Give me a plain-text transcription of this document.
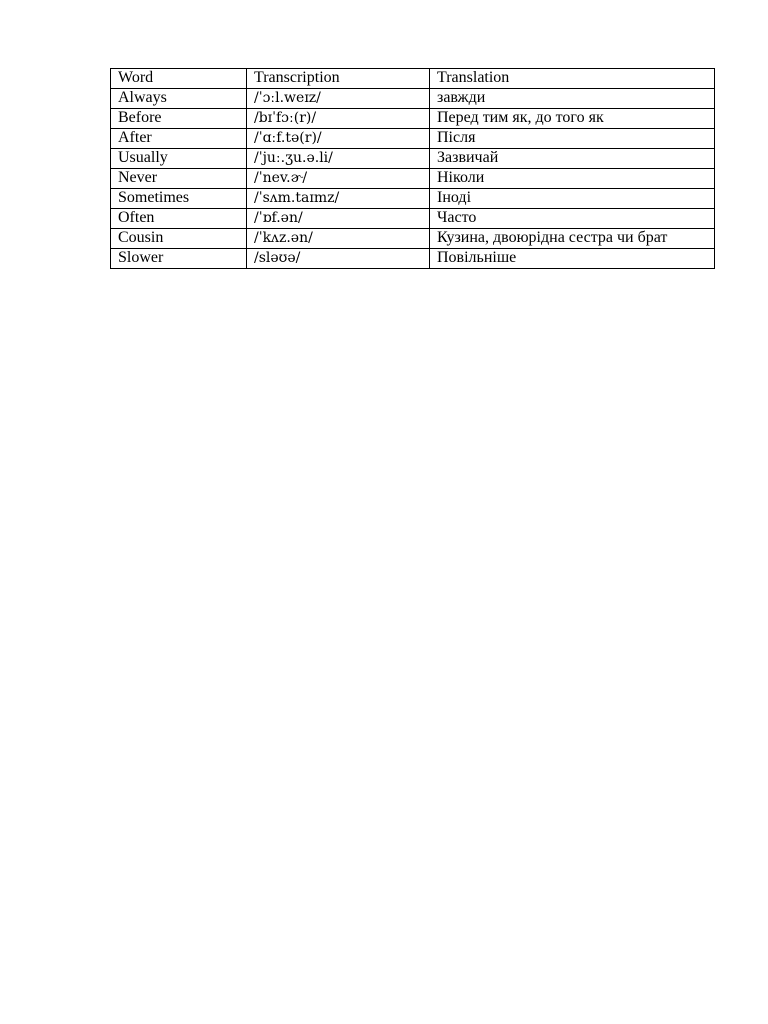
Word	Transcription	Translation
Always	/ˈɔːl.weɪz/	завжди
Before	/bɪˈfɔː(r)/	Перед тим як, до того як
After	/ˈɑːf.tə(r)/	Після
Usually	/ˈjuː.ʒu.ə.li/	Зазвичай
Never	/ˈnev.ɚ/	Ніколи
Sometimes	/ˈsʌm.taɪmz/	Іноді
Often	/ˈɒf.ən/	Часто
Cousin	/ˈkʌz.ən/	Кузина, двоюрідна сестра чи брат
Slower	/sləʊə/	Повільніше
